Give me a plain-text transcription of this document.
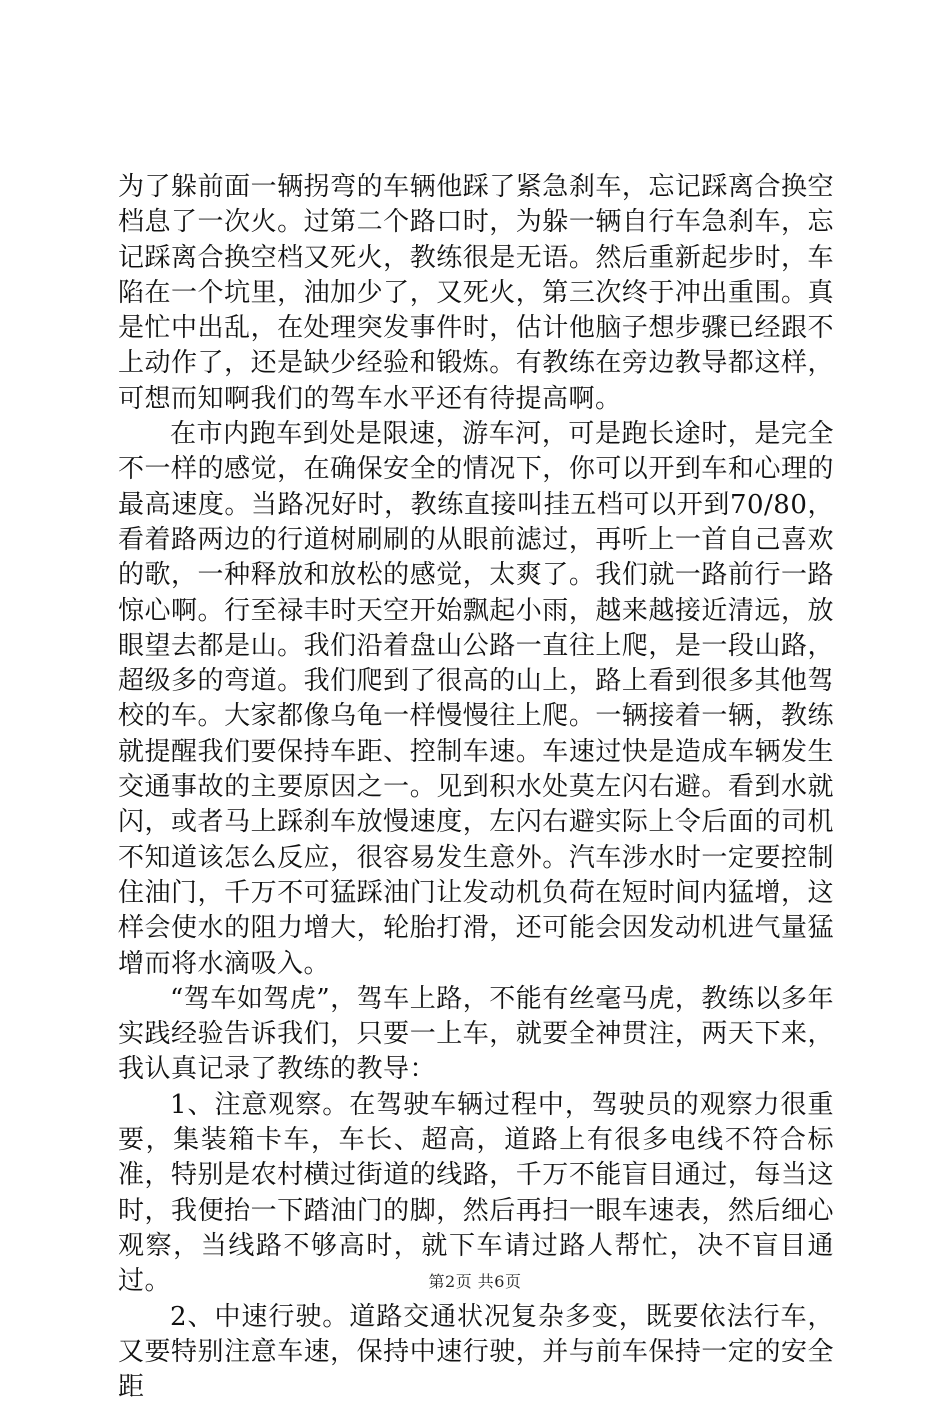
为了躲前面一辆拐弯的车辆他踩了紧急刹车，忘记踩离合换空档息了一次火。过第二个路口时，为躲一辆自行车急刹车，忘记踩离合换空档又死火，教练很是无语。然后重新起步时，车陷在一个坑里，油加少了，又死火，第三次终于冲出重围。真是忙中出乱，在处理突发事件时，估计他脑子想步骤已经跟不上动作了，还是缺少经验和锻炼。有教练在旁边教导都这样，可想而知啊我们的驾车水平还有待提高啊。

在市内跑车到处是限速，游车河，可是跑长途时，是完全不一样的感觉，在确保安全的情况下，你可以开到车和心理的最高速度。当路况好时，教练直接叫挂五档可以开到70/80，看着路两边的行道树刷刷的从眼前滤过，再听上一首自己喜欢的歌，一种释放和放松的感觉，太爽了。我们就一路前行一路惊心啊。行至禄丰时天空开始飘起小雨，越来越接近清远，放眼望去都是山。我们沿着盘山公路一直往上爬，是一段山路，超级多的弯道。我们爬到了很高的山上，路上看到很多其他驾校的车。大家都像乌龟一样慢慢往上爬。一辆接着一辆，教练就提醒我们要保持车距、控制车速。车速过快是造成车辆发生交通事故的主要原因之一。见到积水处莫左闪右避。看到水就闪，或者马上踩刹车放慢速度，左闪右避实际上令后面的司机不知道该怎么反应，很容易发生意外。汽车涉水时一定要控制住油门，千万不可猛踩油门让发动机负荷在短时间内猛增，这样会使水的阻力增大，轮胎打滑，还可能会因发动机进气量猛增而将水滴吸入。

“驾车如驾虎”，驾车上路，不能有丝毫马虎，教练以多年实践经验告诉我们，只要一上车，就要全神贯注，两天下来，我认真记录了教练的教导：

1、注意观察。在驾驶车辆过程中，驾驶员的观察力很重要，集装箱卡车，车长、超高，道路上有很多电线不符合标准，特别是农村横过街道的线路，千万不能盲目通过，每当这时，我便抬一下踏油门的脚，然后再扫一眼车速表，然后细心观察，当线路不够高时，就下车请过路人帮忙，决不盲目通过。

2、中速行驶。道路交通状况复杂多变，既要依法行车，又要特别注意车速，保持中速行驶，并与前车保持一定的安全距

第2页 共6页
